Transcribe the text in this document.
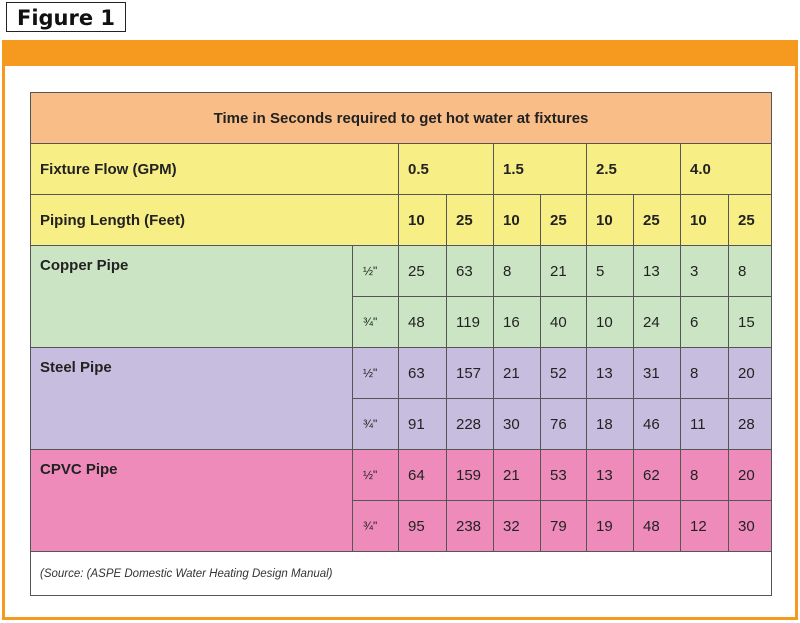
Figure 1
Time in Seconds required to get hot water at fixtures									
Fixture Flow (GPM)		0.5		1.5		2.5		4.0	
Piping Length (Feet)		10	25	10	25	10	25	10	25
Copper Pipe	½"	25	63	8	21	5	13	3	8
	¾"	48	119	16	40	10	24	6	15
Steel Pipe	½"	63	157	21	52	13	31	8	20
	¾"	91	228	30	76	18	46	11	28
CPVC Pipe	½"	64	159	21	53	13	62	8	20
	¾"	95	238	32	79	19	48	12	30
(Source: (ASPE Domestic Water Heating Design Manual)									
